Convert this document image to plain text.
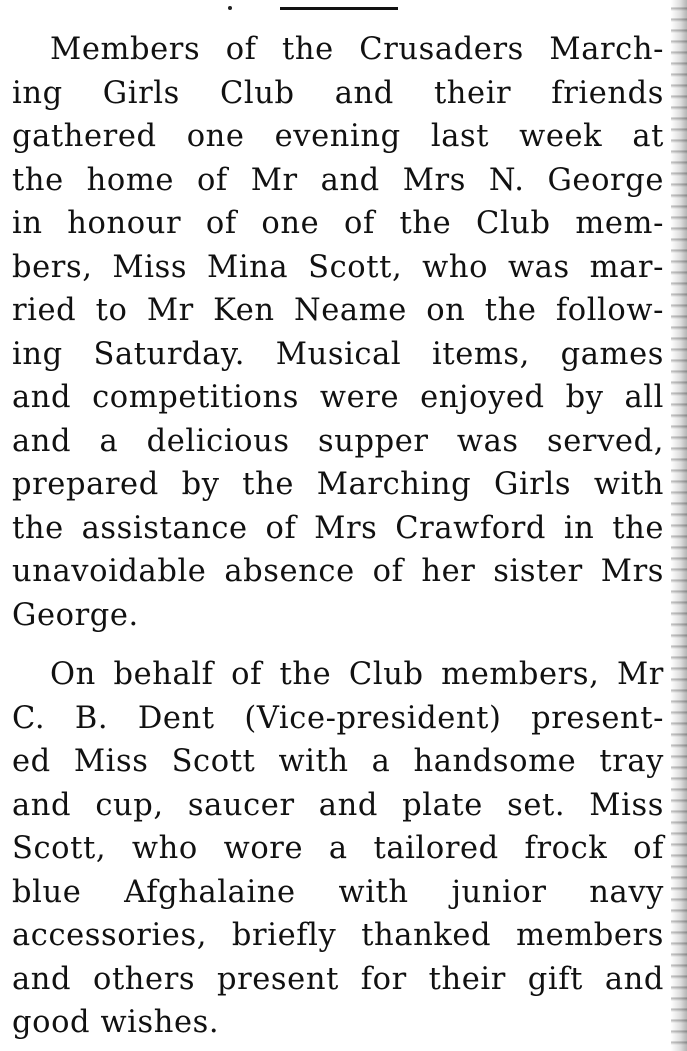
Members of the Crusaders March-
ing Girls Club and their friends
gathered one evening last week at
the home of Mr and Mrs N. George
in honour of one of the Club mem-
bers, Miss Mina Scott, who was mar-
ried to Mr Ken Neame on the follow-
ing Saturday. Musical items, games
and competitions were enjoyed by all
and a delicious supper was served,
prepared by the Marching Girls with
the assistance of Mrs Crawford in the
unavoidable absence of her sister Mrs
George.
On behalf of the Club members, Mr
C. B. Dent (Vice-president) present-
ed Miss Scott with a handsome tray
and cup, saucer and plate set. Miss
Scott, who wore a tailored frock of
blue Afghalaine with junior navy
accessories, briefly thanked members
and others present for their gift and
good wishes.
